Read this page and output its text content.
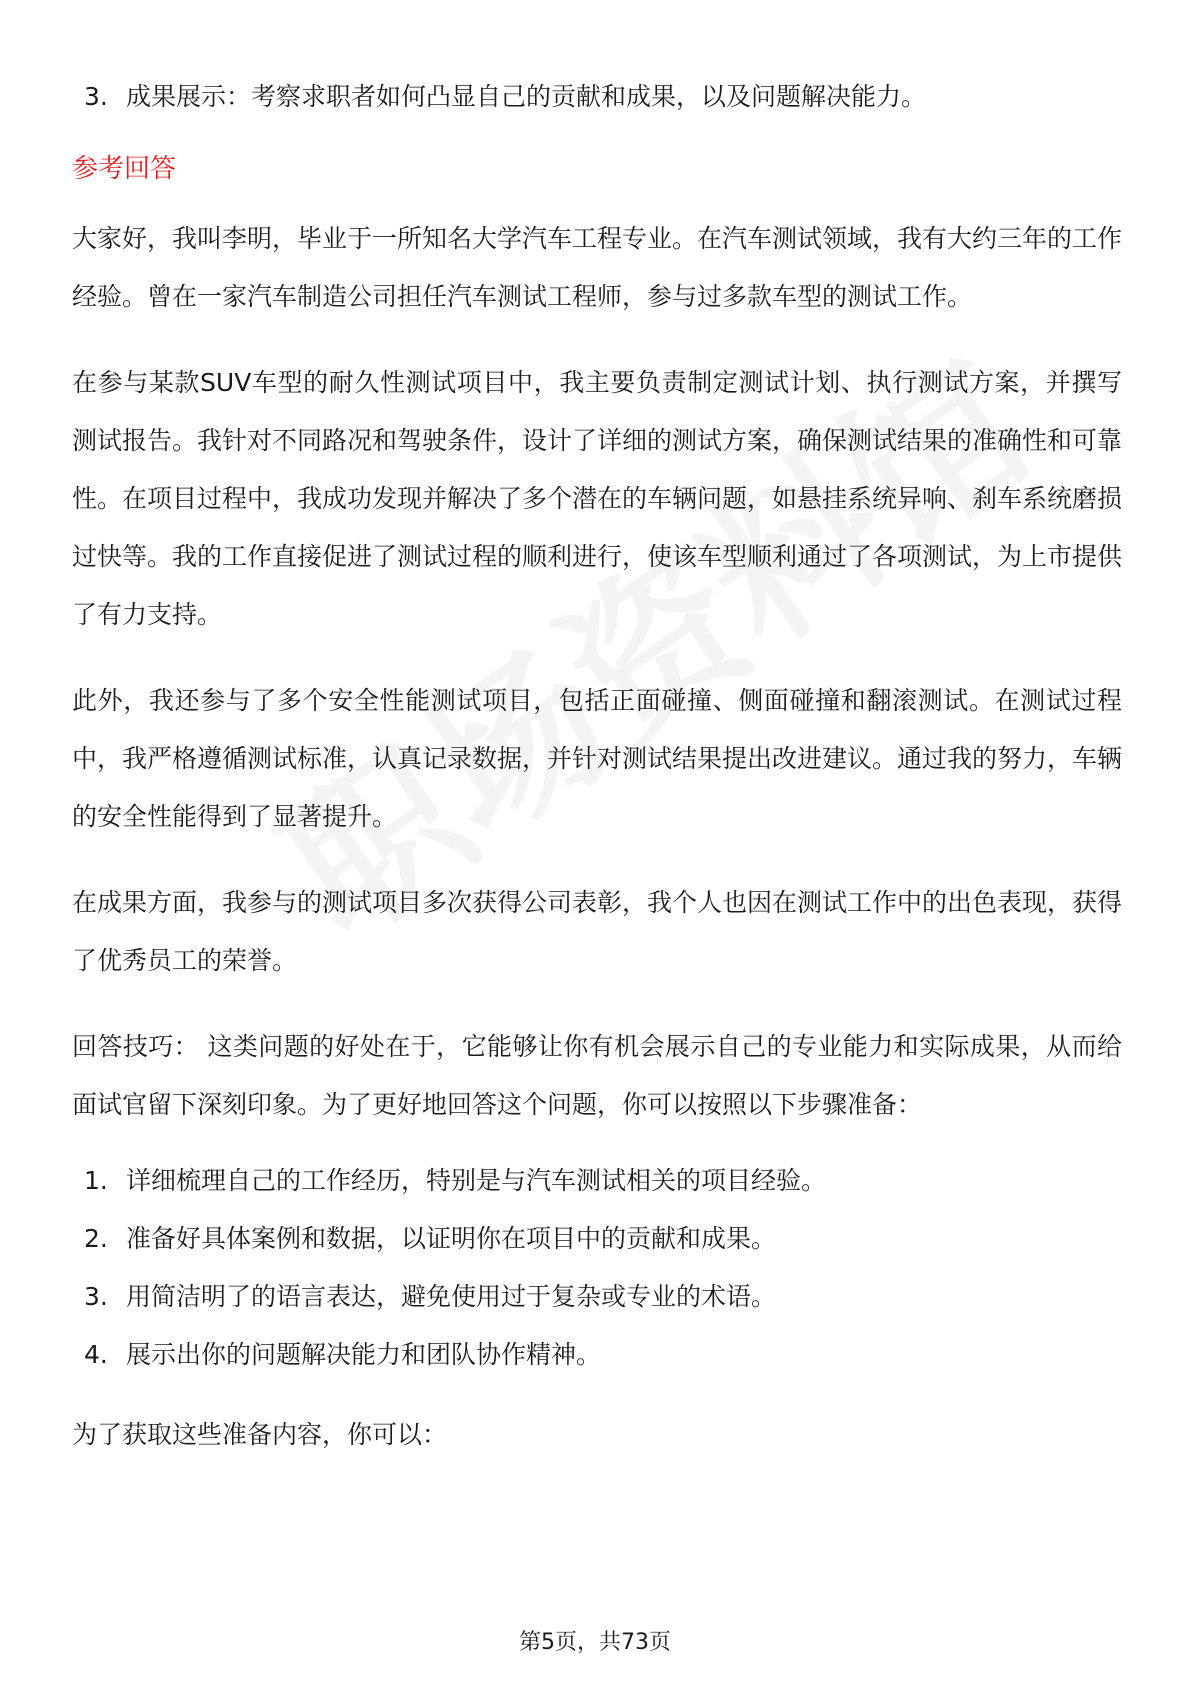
3. 成果展示：考察求职者如何凸显自己的贡献和成果，以及问题解决能力。
参考回答

大家好，我叫李明，毕业于一所知名大学汽车工程专业。在汽车测试领域，我有大约三年的工作经验。曾在一家汽车制造公司担任汽车测试工程师，参与过多款车型的测试工作。

在参与某款SUV车型的耐久性测试项目中，我主要负责制定测试计划、执行测试方案，并撰写测试报告。我针对不同路况和驾驶条件，设计了详细的测试方案，确保测试结果的准确性和可靠性。在项目过程中，我成功发现并解决了多个潜在的车辆问题，如悬挂系统异响、刹车系统磨损过快等。我的工作直接促进了测试过程的顺利进行，使该车型顺利通过了各项测试，为上市提供了有力支持。

此外，我还参与了多个安全性能测试项目，包括正面碰撞、侧面碰撞和翻滚测试。在测试过程中，我严格遵循测试标准，认真记录数据，并针对测试结果提出改进建议。通过我的努力，车辆的安全性能得到了显著提升。

在成果方面，我参与的测试项目多次获得公司表彰，我个人也因在测试工作中的出色表现，获得了优秀员工的荣誉。

回答技巧： 这类问题的好处在于，它能够让你有机会展示自己的专业能力和实际成果，从而给面试官留下深刻印象。为了更好地回答这个问题，你可以按照以下步骤准备：

1. 详细梳理自己的工作经历，特别是与汽车测试相关的项目经验。
2. 准备好具体案例和数据，以证明你在项目中的贡献和成果。
3. 用简洁明了的语言表达，避免使用过于复杂或专业的术语。
4. 展示出你的问题解决能力和团队协作精神。

为了获取这些准备内容，你可以：

第5页，共73页
